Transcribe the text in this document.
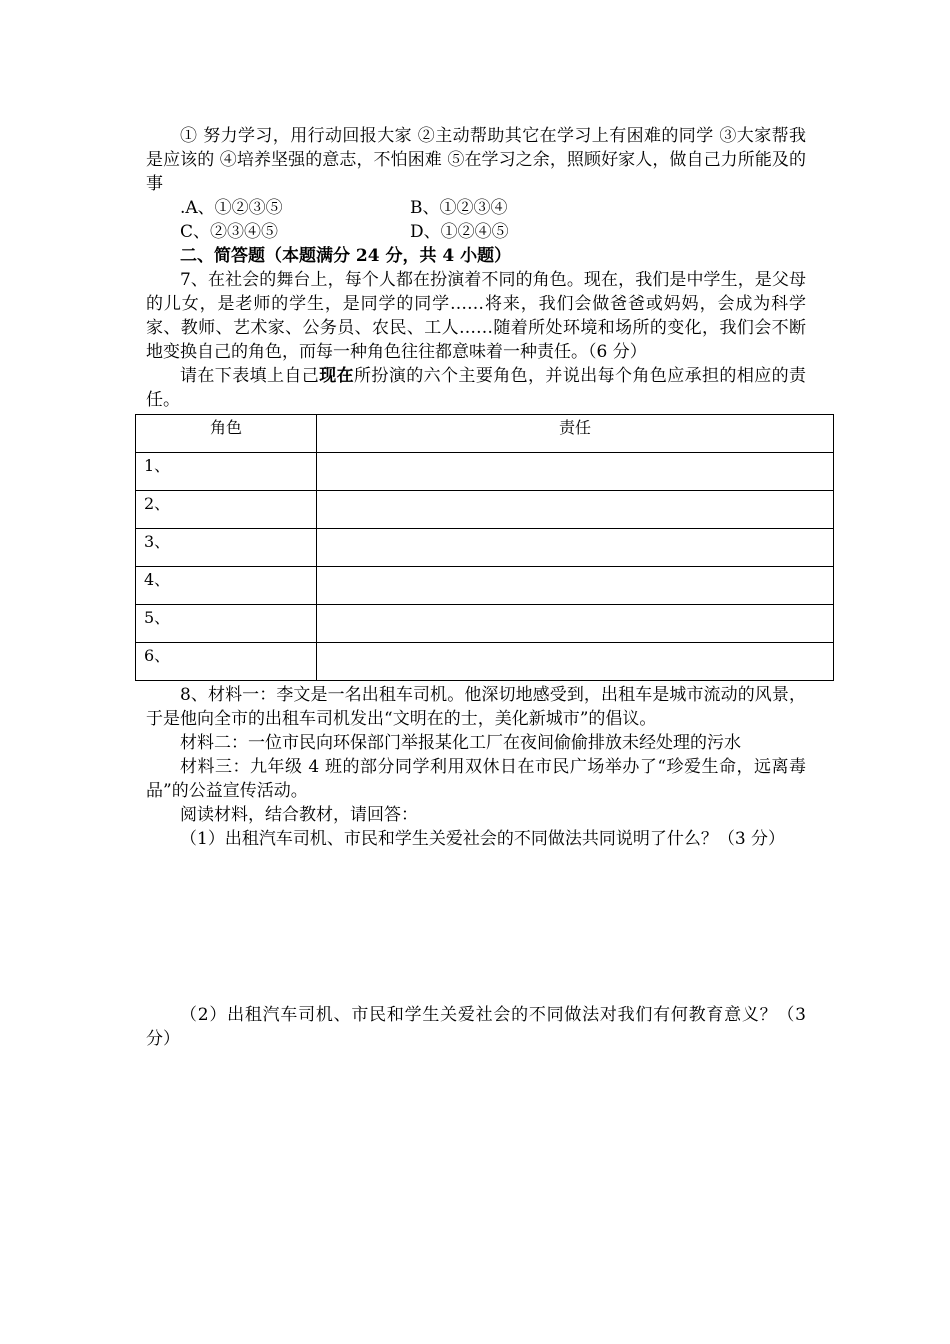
① 努力学习，用行动回报大家 ②主动帮助其它在学习上有困难的同学 ③大家帮我是应该的 ④培养坚强的意志，不怕困难 ⑤在学习之余，照顾好家人，做自己力所能及的事

.A、①②③⑤	B、①②③④
C、②③④⑤	D、①②④⑤

二、简答题（本题满分 24 分，共 4 小题）

7、在社会的舞台上，每个人都在扮演着不同的角色。现在，我们是中学生，是父母的儿女，是老师的学生，是同学的同学……将来，我们会做爸爸或妈妈，会成为科学家、教师、艺术家、公务员、农民、工人……随着所处环境和场所的变化，我们会不断地变换自己的角色，而每一种角色往往都意味着一种责任。（6 分）

请在下表填上自己现在所扮演的六个主要角色，并说出每个角色应承担的相应的责任。

角色	责任
1、	
2、	
3、	
4、	
5、	
6、	

8、材料一：李文是一名出租车司机。他深切地感受到，出租车是城市流动的风景，于是他向全市的出租车司机发出“文明在的士，美化新城市”的倡议。

材料二：一位市民向环保部门举报某化工厂在夜间偷偷排放未经处理的污水

材料三：九年级 4 班的部分同学利用双休日在市民广场举办了“珍爱生命，远离毒品”的公益宣传活动。

阅读材料，结合教材，请回答：

（1）出租汽车司机、市民和学生关爱社会的不同做法共同说明了什么？（3 分）

（2）出租汽车司机、市民和学生关爱社会的不同做法对我们有何教育意义？（3 分）
